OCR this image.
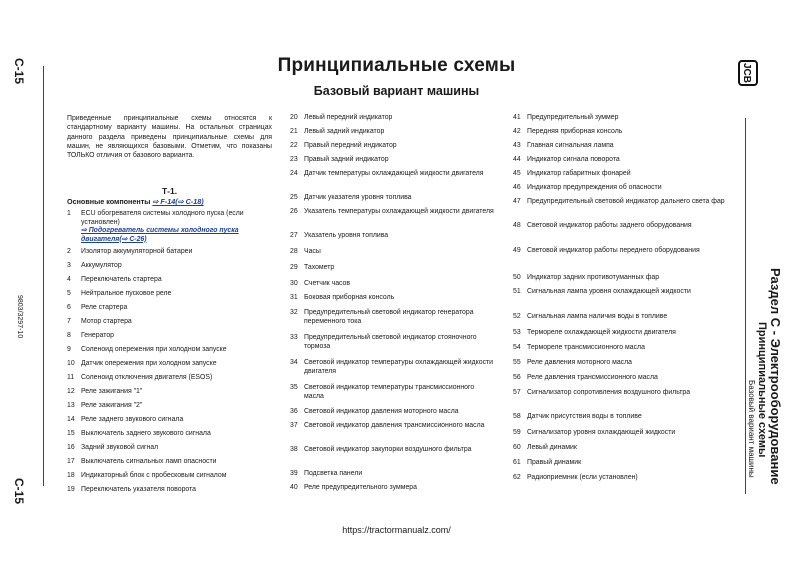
C-15
9803/3297-10
C-15
JCB
Раздел С - Электрооборудование
Принципиальные схемы
Базовый вариант машины
Принципиальные схемы
Базовый вариант машины
Приведенные принципиальные схемы относятся к стандартному варианту машины. На остальных страницах данного раздела приведены принципиальные схемы для машин, не являющихся базовыми. Отметим, что показаны ТОЛЬКО отличия от базового варианта.
Т-1.
Основные компоненты ⇨ F-14(⇨ C-18)
1	ECU обогревателя системы холодного пуска (если установлен)
⇨ Подогреватель системы холодного пуска двигателя(⇨ C-26)
2	Изолятор аккумуляторной батареи
3	Аккумулятор
4	Переключатель стартера
5	Нейтральное пусковое реле
6	Реле стартера
7	Мотор стартера
8	Генератор
9	Соленоид опережения при холодном запуске
10 Датчик опережения при холодном запуске
11 Соленоид отключения двигателя (ESOS)
12 Реле зажигания "1"
13 Реле зажигания "2"
14 Реле заднего звукового сигнала
15 Выключатель заднего звукового сигнала
16 Задний звуковой сигнал
17 Выключатель сигнальных ламп опасности
18 Индикаторный блок с пробесковым сигналом
19 Переключатель указателя поворота
20 Левый передний индикатор
21 Левый задний индикатор
22 Правый передний индикатор
23 Правый задний индикатор
24 Датчик температуры охлаждающей жидкости двигателя
25 Датчик указателя уровня топлива
26 Указатель температуры охлаждающей жидкости двигателя
27 Указатель уровня топлива
28 Часы
29 Тахометр
30 Счетчик часов
31 Боковая приборная консоль
32 Предупредительный световой индикатор генератора переменного тока
33 Предупредительный световой индикатор стояночного тормоза
34 Световой индикатор температуры охлаждающей жидкости двигателя
35 Световой индикатор температуры трансмиссионного масла
36 Световой индикатор давления моторного масла
37 Световой индикатор давления трансмиссионного масла
38 Световой индикатор закупорки воздушного фильтра
39 Подсветка панели
40 Реле предупредительного зуммера
41 Предупредительный зуммер
42 Передняя приборная консоль
43 Главная сигнальная лампа
44 Индикатор сигнала поворота
45 Индикатор габаритных фонарей
46 Индикатор предупреждения об опасности
47 Предупредительный световой индикатор дальнего света фар
48 Световой индикатор работы заднего оборудования
49 Световой индикатор работы переднего оборудования
50 Индикатор задних противотуманных фар
51 Сигнальная лампа уровня охлаждающей жидкости
52 Сигнальная лампа наличия воды в топливе
53 Термореле охлаждающей жидкости двигателя
54 Термореле трансмиссионного масла
55 Реле давления моторного масла
56 Реле давления трансмиссионного масла
57 Сигнализатор сопротивления воздушного фильтра
58 Датчик присутствия воды в топливе
59 Сигнализатор уровня охлаждающей жидкости
60 Левый динамик
61 Правый динамик
62 Радиоприемник (если установлен)
https://tractormanualz.com/
